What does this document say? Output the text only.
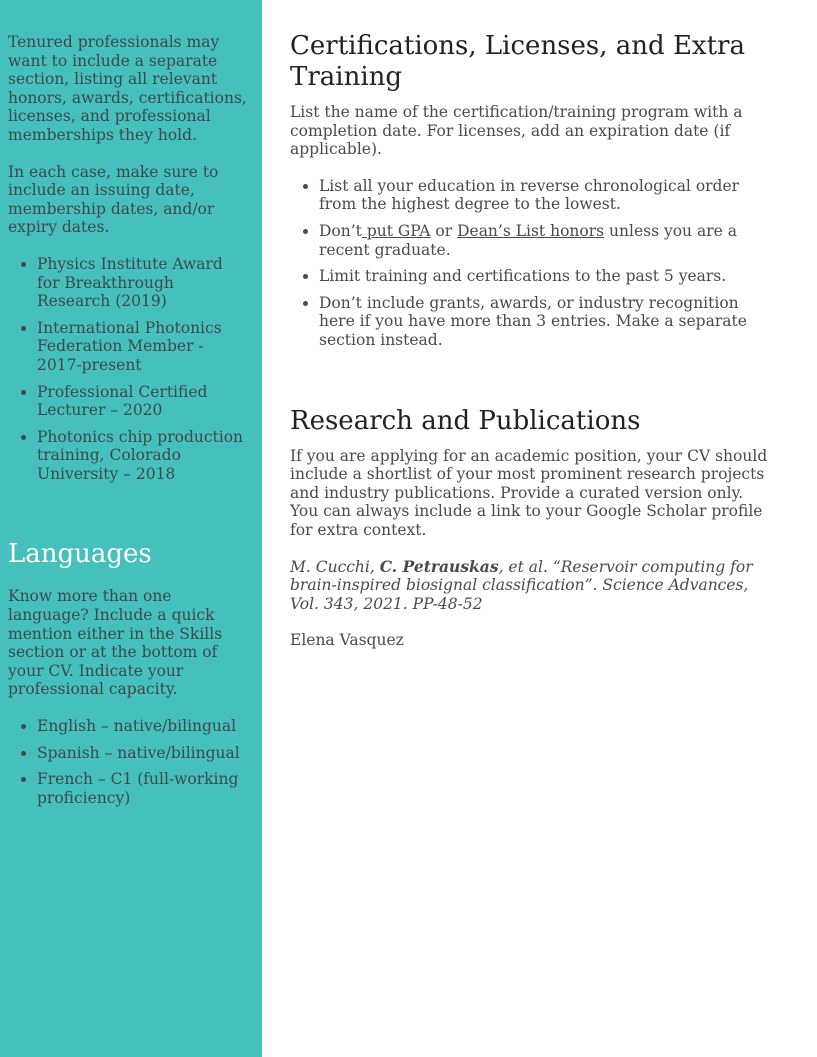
Tenured professionals may want to include a separate section, listing all relevant honors, awards, certifications, licenses, and professional memberships they hold.

In each case, make sure to include an issuing date, membership dates, and/or expiry dates.

• Physics Institute Award for Breakthrough Research (2019)
• International Photonics Federation Member - 2017-present
• Professional Certified Lecturer – 2020
• Photonics chip production training, Colorado University – 2018
Languages

Know more than one language? Include a quick mention either in the Skills section or at the bottom of your CV. Indicate your professional capacity.

• English – native/bilingual
• Spanish – native/bilingual
• French – C1 (full-working proficiency)
Certifications, Licenses, and Extra Training

List the name of the certification/training program with a completion date. For licenses, add an expiration date (if applicable).

• List all your education in reverse chronological order from the highest degree to the lowest.
• Don’t put GPA or Dean’s List honors unless you are a recent graduate.
• Limit training and certifications to the past 5 years.
• Don’t include grants, awards, or industry recognition here if you have more than 3 entries. Make a separate section instead.
Research and Publications

If you are applying for an academic position, your CV should include a shortlist of your most prominent research projects and industry publications. Provide a curated version only. You can always include a link to your Google Scholar profile for extra context.

M. Cucchi, C. Petrauskas, et al. “Reservoir computing for brain-inspired biosignal classification”. Science Advances, Vol. 343, 2021. PP-48-52

Elena Vasquez
